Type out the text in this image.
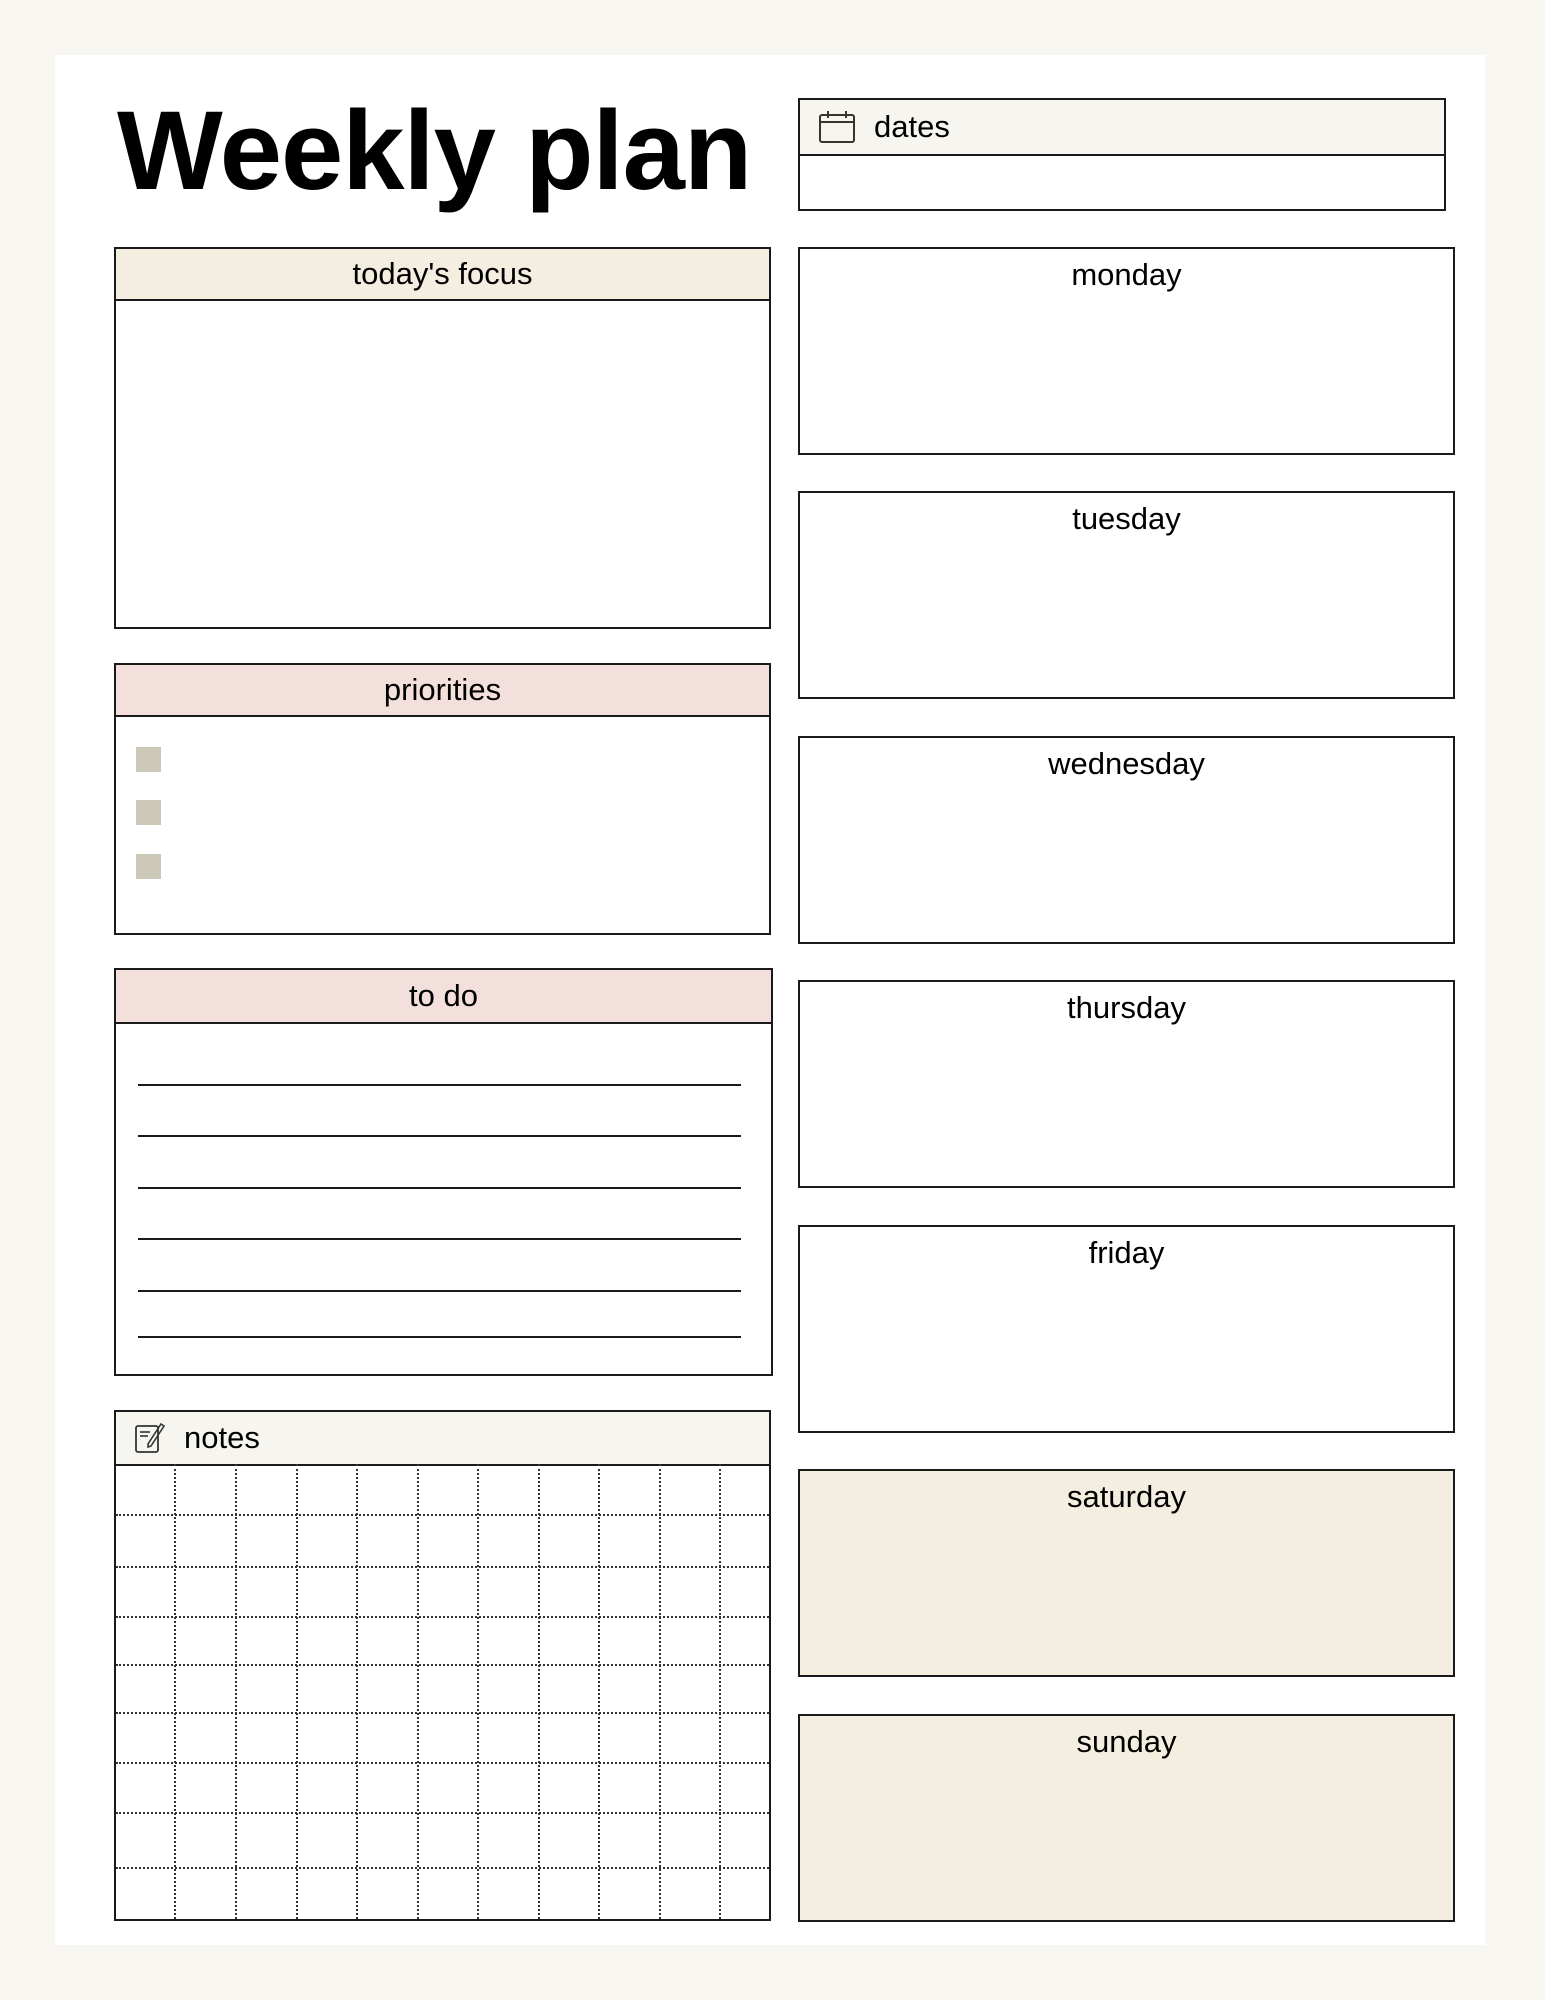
Weekly plan	dates
today's focus
priorities
to do
notes
monday
tuesday
wednesday
thursday
friday
saturday
sunday
